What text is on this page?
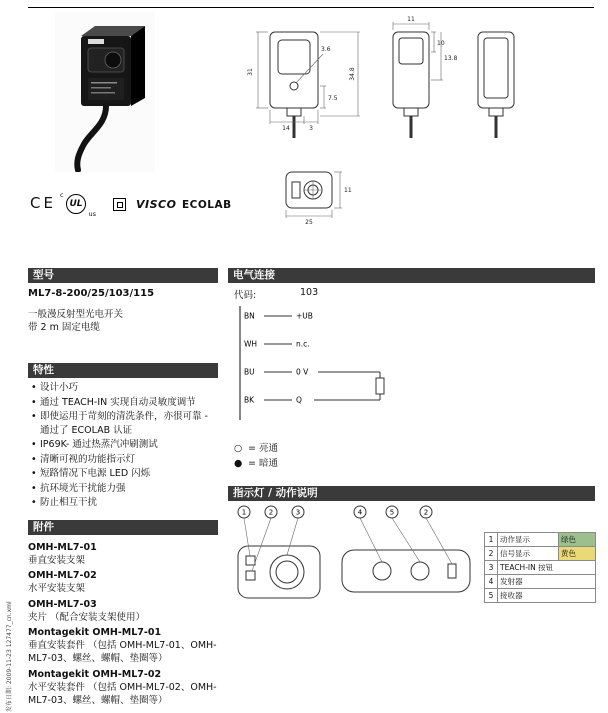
发布日期: 2009-11-23 127477_cn.xml
CE c
UL
us
VISCO ECOLAB
型号
ML7-8-200/25/103/115
一般漫反射型光电开关
带 2 m 固定电缆
特性
• 设计小巧
• 通过 TEACH-IN 实现自动灵敏度调节
• 即使运用于苛刻的清洗条件，亦很可靠 - 通过了 ECOLAB 认证
• IP69K- 通过热蒸汽冲刷测试
• 清晰可视的功能指示灯
• 短路情况下电源 LED 闪烁
• 抗环境光干扰能力强
• 防止相互干扰
附件
OMH-ML7-01
垂直安装支架
OMH-ML7-02
水平安装支架
OMH-ML7-03
夹片 （配合安装支架使用）
Montagekit OMH-ML7-01
垂直安装套件 （包括 OMH-ML7-01、OMH-ML7-03、螺丝、螺帽、垫圈等）
Montagekit OMH-ML7-02
水平安装套件 （包括 OMH-ML7-02、OMH-ML7-03、螺丝、螺帽、垫圈等）
31
3.6
7.5
14	3
34.8
11
10
13.8
25
11
电气连接
代码:	103
BN	+UB
WH	n.c.
BU	0 V
BK	Q
○ = 亮通
● = 暗通
指示灯 / 动作说明
1	2	3	4	5	2
1	动作显示	绿色
2	信号显示	黄色
3	TEACH-IN 按钮	
4	发射器	
5	接收器	
